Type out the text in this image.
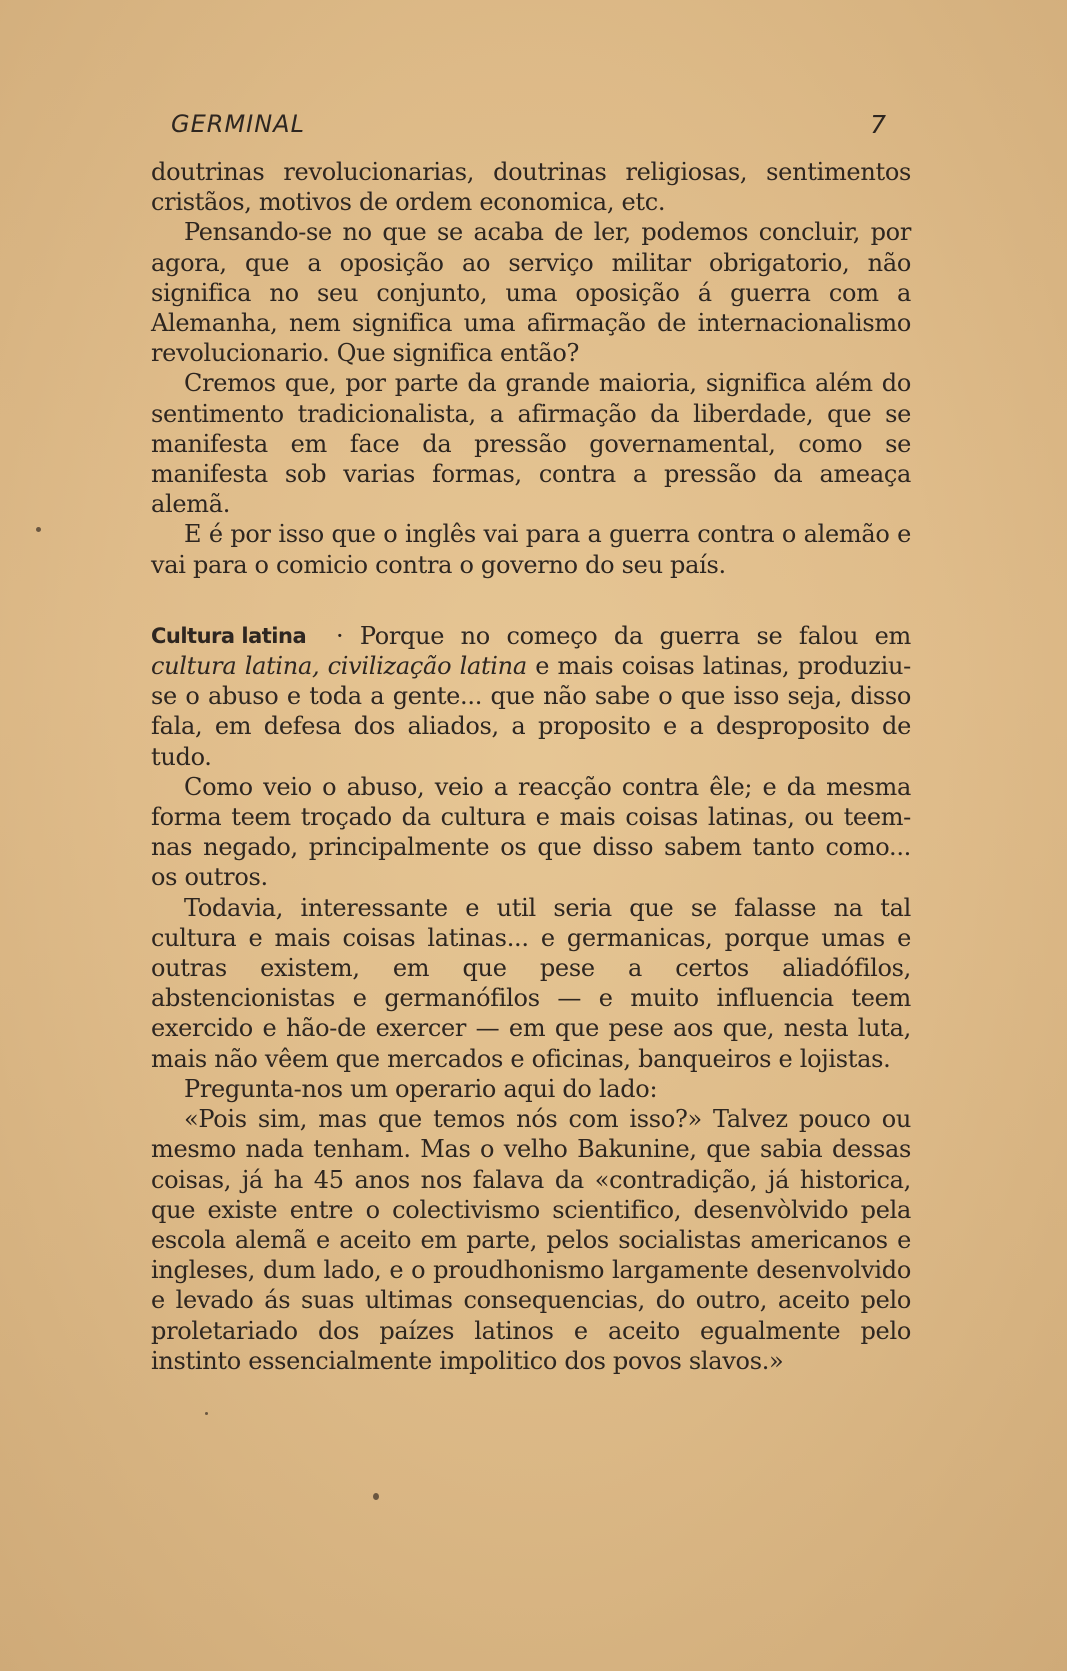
GERMINAL	7

doutrinas revolucionarias, doutrinas religiosas, sentimentos cristãos, motivos de ordem economica, etc.

Pensando-se no que se acaba de ler, podemos concluir, por agora, que a oposição ao serviço militar obrigatorio, não significa no seu conjunto, uma oposição á guerra com a Alemanha, nem significa uma afirmação de internacionalismo revolucionario. Que significa então?

Cremos que, por parte da grande maioria, significa além do sentimento tradicionalista, a afirmação da liberdade, que se manifesta em face da pressão governamental, como se manifesta sob varias formas, contra a pressão da ameaça alemã.

E é por isso que o inglês vai para a guerra contra o alemão e vai para o comicio contra o governo do seu país.

Cultura latina	· Porque no começo da guerra se falou em cultura latina, civilização latina e mais coisas latinas, produziu-se o abuso e toda a gente... que não sabe o que isso seja, disso fala, em defesa dos aliados, a proposito e a desproposito de tudo.

Como veio o abuso, veio a reacção contra êle; e da mesma forma teem troçado da cultura e mais coisas latinas, ou teem-nas negado, principalmente os que disso sabem tanto como... os outros.

Todavia, interessante e util seria que se falasse na tal cultura e mais coisas latinas... e germanicas, porque umas e outras existem, em que pese a certos aliadófilos, abstencionistas e germanófilos — e muito influencia teem exercido e hão-de exercer — em que pese aos que, nesta luta, mais não vêem que mercados e oficinas, banqueiros e lojistas.

Pregunta-nos um operario aqui do lado:

«Pois sim, mas que temos nós com isso?» Talvez pouco ou mesmo nada tenham. Mas o velho Bakunine, que sabia dessas coisas, já ha 45 anos nos falava da «contradição, já historica, que existe entre o colectivismo scientifico, desenvòlvido pela escola alemã e aceito em parte, pelos socialistas americanos e ingleses, dum lado, e o proudhonismo largamente desenvolvido e levado ás suas ultimas consequencias, do outro, aceito pelo proletariado dos paízes latinos e aceito egualmente pelo instinto essencialmente impolitico dos povos slavos.»
